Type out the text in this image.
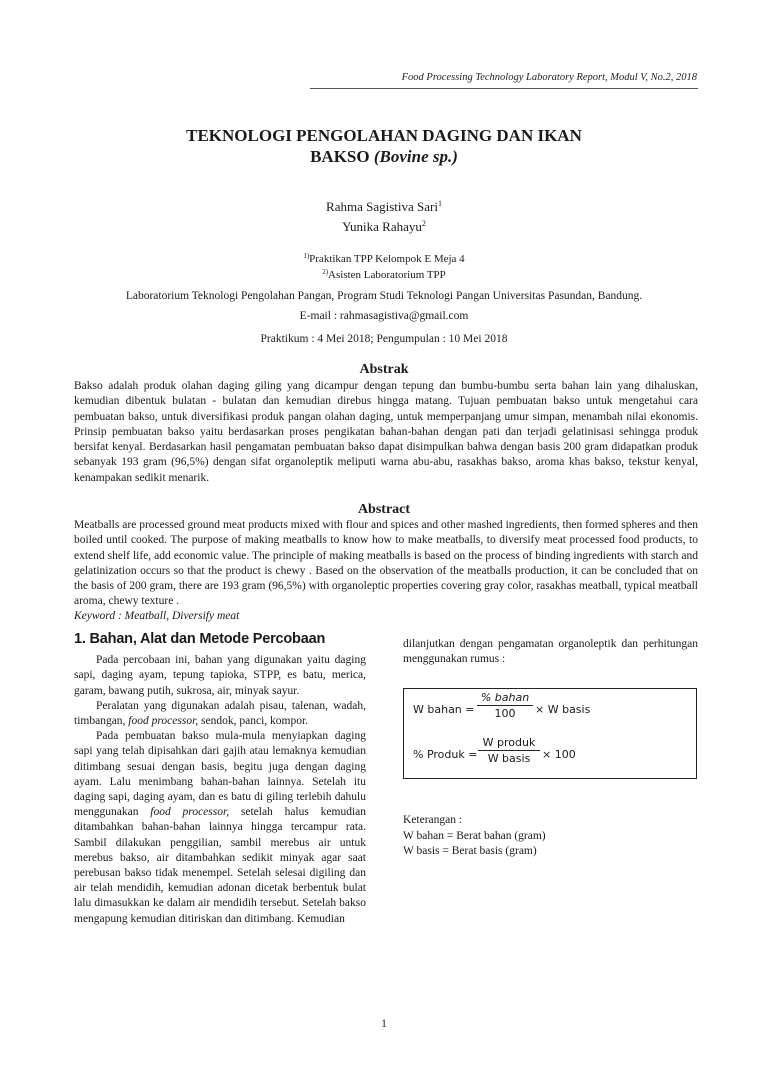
Food Processing Technology Laboratory Report, Modul V, No.2, 2018
TEKNOLOGI PENGOLAHAN DAGING DAN IKAN
BAKSO (Bovine sp.)
Rahma Sagistiva Sari$^1$
Yunika Rahayu$^2$
$^{1)}$Praktikan TPP Kelompok E Meja 4
$^{2)}$Asisten Laboratorium TPP
Laboratorium Teknologi Pengolahan Pangan, Program Studi Teknologi Pangan Universitas Pasundan, Bandung.
E-mail : rahmasagistiva@gmail.com
Praktikum : 4 Mei 2018; Pengumpulan : 10 Mei 2018
Abstrak
Bakso adalah produk olahan daging giling yang dicampur dengan tepung dan bumbu-bumbu serta bahan lain yang dihaluskan, kemudian dibentuk bulatan - bulatan dan kemudian direbus hingga matang. Tujuan pembuatan bakso untuk mengetahui cara pembuatan bakso, untuk diversifikasi produk pangan olahan daging, untuk memperpanjang umur simpan, menambah nilai ekonomis. Prinsip pembuatan bakso yaitu berdasarkan proses pengikatan bahan-bahan dengan pati dan terjadi gelatinisasi sehingga produk bersifat kenyal. Berdasarkan hasil pengamatan pembuatan bakso dapat disimpulkan bahwa dengan basis 200 gram didapatkan produk sebanyak 193 gram (96,5%) dengan sifat organoleptik meliputi warna abu-abu, rasakhas bakso, aroma khas bakso, tekstur kenyal, kenampakan sedikit menarik.
Abstract
Meatballs are processed ground meat products mixed with flour and spices and other mashed ingredients, then formed spheres and then boiled until cooked. The purpose of making meatballs to know how to make meatballs, to diversify meat processed food products, to extend shelf life, add economic value. The principle of making meatballs is based on the process of binding ingredients with starch and gelatinization occurs so that the product is chewy . Based on the observation of the meatballs production, it can be concluded that on the basis of 200 gram, there are 193 gram (96,5%) with organoleptic properties covering gray color, rasakhas meatball, typical meatball aroma, chewy texture .
Keyword : Meatball, Diversify meat
1. Bahan, Alat dan Metode Percobaan

Pada percobaan ini, bahan yang digunakan yaitu daging sapi, daging ayam, tepung tapioka, STPP, es batu, merica, garam, bawang putih, sukrosa, air, minyak sayur.

Peralatan yang digunakan adalah pisau, talenan, wadah, timbangan, food processor, sendok, panci, kompor.

Pada pembuatan bakso mula-mula menyiapkan daging sapi yang telah dipisahkan dari gajih atau lemaknya kemudian ditimbang sesuai dengan basis, begitu juga dengan daging ayam. Lalu menimbang bahan-bahan lainnya. Setelah itu daging sapi, daging ayam, dan es batu di giling terlebih dahulu menggunakan food processor, setelah halus kemudian ditambahkan bahan-bahan lainnya hingga tercampur rata. Sambil dilakukan penggilian, sambil merebus air untuk merebus bakso, air ditambahkan sedikit minyak agar saat perebusan bakso tidak menempel. Setelah selesai digiling dan air telah mendidih, kemudian adonan dicetak berbentuk bulat lalu dimasukkan ke dalam air mendidih tersebut. Setelah bakso mengapung kemudian ditiriskan dan ditimbang. Kemudian

dilanjutkan dengan pengamatan organoleptik dan perhitungan menggunakan rumus :
W bahan =
% bahan
100	× W basis
% Produk =
W produk
W basis	× 100
Keterangan :
W bahan = Berat bahan (gram)
W basis = Berat basis (gram)
1
